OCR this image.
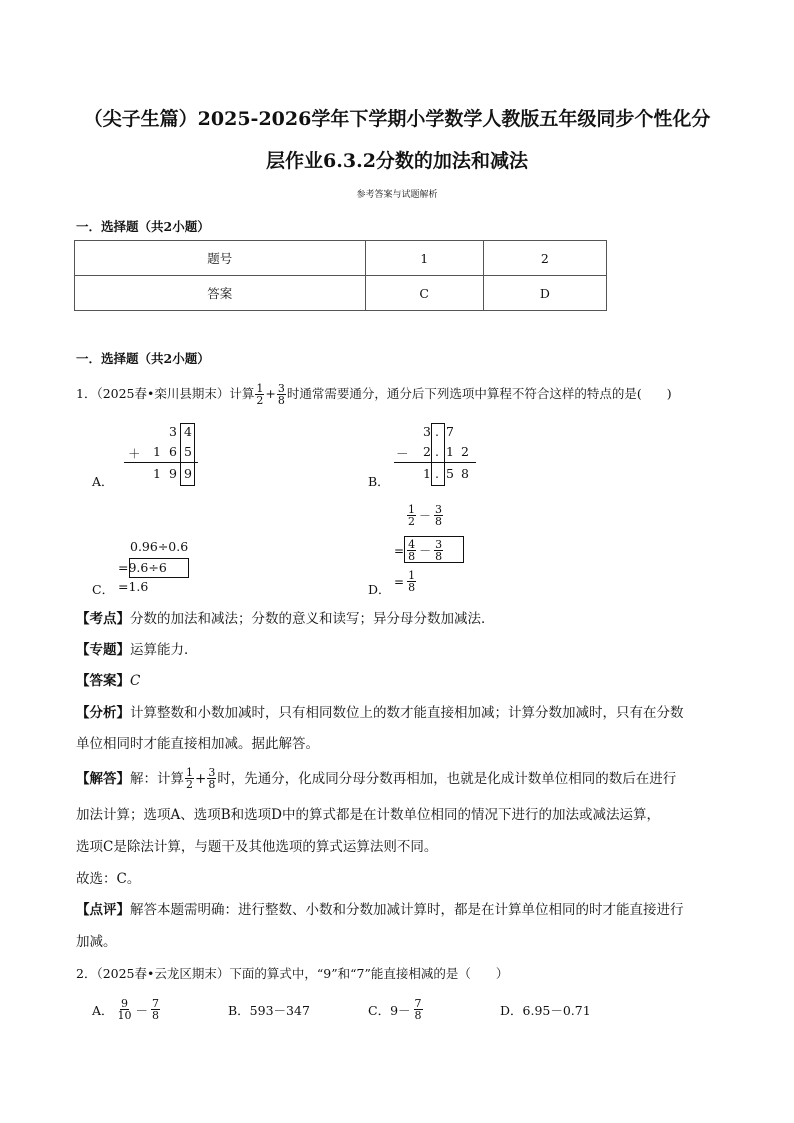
（尖子生篇）2025-2026学年下学期小学数学人教版五年级同步个性化分
层作业6.3.2分数的加法和减法
参考答案与试题解析
一．选择题（共2小题）
题号	1	2
答案	C	D
一．选择题（共2小题）
1．（2025春•栾川县期末）计算 $\frac{1}{2} + \frac{3}{8}$ 时通常需要通分，通分后下列选项中算程不符合这样的特点的是(　　)
A．
3 4
＋ 1 6 5
1 9 9
B．
3 . 7
－ 2 . 1 2
1 . 5 8
0.96÷0.6
=9.6÷6
C． =1.6
$\frac{1}{2} - \frac{3}{8}$
= $\frac{4}{8} - \frac{3}{8}$
D．
= $\frac{1}{8}$
【考点】分数的加法和减法；分数的意义和读写；异分母分数加减法．
【专题】运算能力．
【答案】C
【分析】计算整数和小数加减时，只有相同数位上的数才能直接相加减；计算分数加减时，只有在分数
单位相同时才能直接相加减。据此解答。
【解答】 解：计算 $\frac{1}{2} + \frac{3}{8}$ 时，先通分，化成同分母分数再相加，也就是化成计数单位相同的数后在进行
加法计算；选项A、选项B和选项D中的算式都是在计数单位相同的情况下进行的加法或减法运算，
选项C是除法计算，与题干及其他选项的算式运算法则不同。
故选：C。
【点评】解答本题需明确：进行整数、小数和分数加减计算时，都是在计算单位相同的时才能直接进行
加减。
2．（2025春•云龙区期末）下面的算式中，“9”和“7”能直接相减的是（　　）
A． $\frac{9}{10} - \frac{7}{8}$	B．593－347	C．$9- \frac{7}{8}$	D．6.95－0.71
